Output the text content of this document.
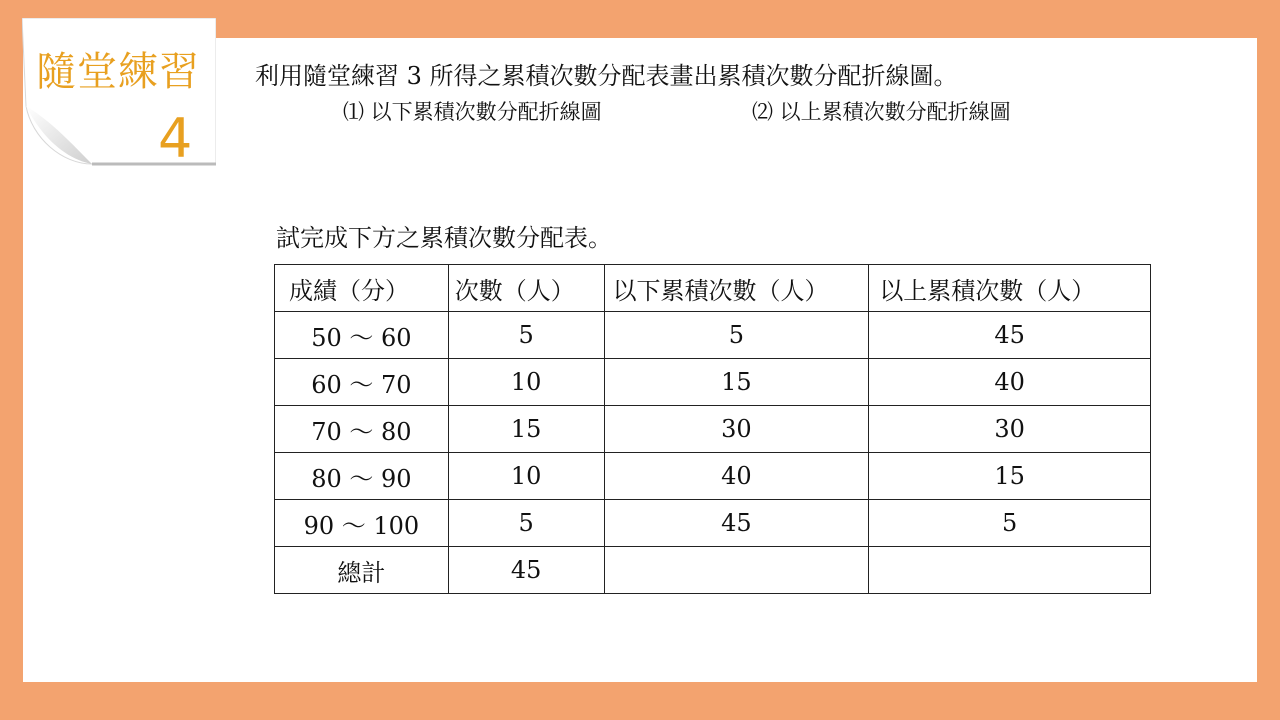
隨堂練習
4
利用隨堂練習 3 所得之累積次數分配表畫出累積次數分配折線圖。
⑴ 以下累積次數分配折線圖	⑵ 以上累積次數分配折線圖
試完成下方之累積次數分配表。
成績（分）	次數（人）	以下累積次數（人）	以上累積次數（人）
50 ～ 60	5	5	45
60 ～ 70	10	15	40
70 ～ 80	15	30	30
80 ～ 90	10	40	15
90 ～ 100	5	45	5
總計	45		
